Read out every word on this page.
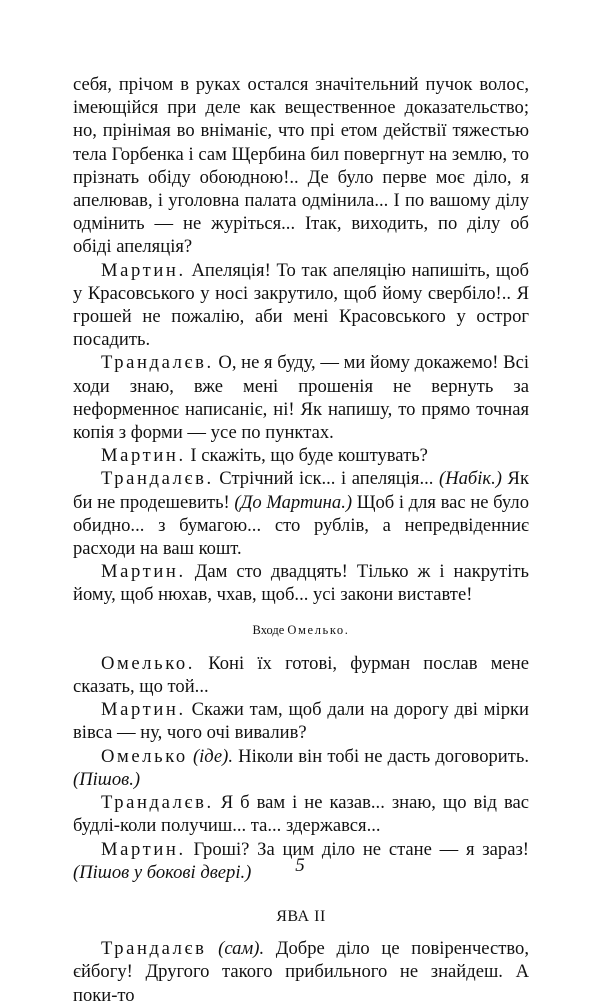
себя, прічом в руках остался значітельний пучок волос, імеющійся при деле как вещественное доказательство; но, прінімая во вніманіє, что прі етом действії тяжестью тела Горбенка і сам Щербина бил повергнут на землю, то прізнать обіду обоюдною!.. Де було перве моє діло, я апелював, і уголовна палата одмінила... І по вашому ділу одмінить — не журіться... Ітак, виходить, по ділу об обіді апеляція?

Мартин. Апеляція! То так апеляцію напишіть, щоб у Красовського у носі закрутило, щоб йому свербіло!.. Я грошей не пожалію, аби мені Красовського у острог посадить.

Трандалєв. О, не я буду, — ми йому докажемо! Всі ходи знаю, вже мені прошенія не вернуть за неформенноє написаніє, ні! Як напишу, то прямо точная копія з форми — усе по пунктах.

Мартин. І скажіть, що буде коштувать?

Трандалєв. Стрічний іск... і апеляція... (Набік.) Як би не продешевить! (До Мартина.) Щоб і для вас не було обидно... з бумагою... сто рублів, а непредвіденниє расходи на ваш кошт.

Мартин. Дам сто двадцять! Тілько ж і накрутіть йому, щоб нюхав, чхав, щоб... усі закони виставте!

Входе Омелько.

Омелько. Коні їх готові, фурман послав мене сказать, що той...

Мартин. Скажи там, щоб дали на дорогу дві мірки вівса — ну, чого очі вивалив?

Омелько (іде). Ніколи він тобі не дасть договорить. (Пішов.)

Трандалєв. Я б вам і не казав... знаю, що від вас будлі-коли получиш... та... здержався...

Мартин. Гроші? За цим діло не стане — я зараз! (Пішов у бокові двері.)

ЯВА II

Трандалєв (сам). Добре діло це повіренчество, єйбогу! Другого такого прибильного не знайдеш. А поки-то

5
